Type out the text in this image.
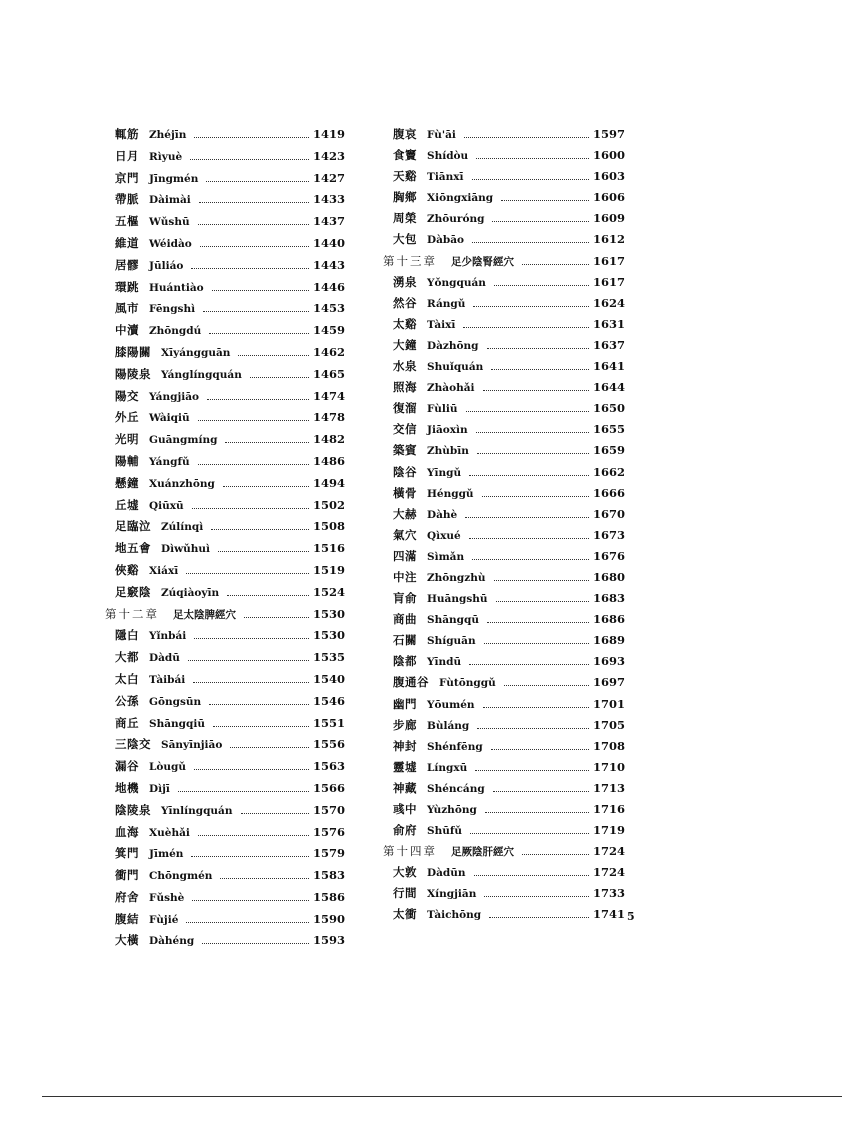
輒筋 Zhéjīn	1419
日月 Rìyuè	1423
京門 Jīngmén	1427
帶脈 Dàimài	1433
五樞 Wǔshū	1437
維道 Wéidào	1440
居髎 Jūliáo	1443
環跳 Huántiào	1446
風市 Fēngshì	1453
中瀆 Zhōngdú	1459
膝陽關 Xīyángguān	1462
陽陵泉 Yánglíngquán	1465
陽交 Yángjiāo	1474
外丘 Wàiqiū	1478
光明 Guāngmíng	1482
陽輔 Yángfǔ	1486
懸鐘 Xuánzhōng	1494
丘墟 Qiūxū	1502
足臨泣 Zúlínqì	1508
地五會 Dìwǔhuì	1516
俠谿 Xiáxī	1519
足竅陰 Zúqiàoyīn	1524
第十二章 足太陰脾經穴	1530
隱白 Yǐnbái	1530
大都 Dàdū	1535
太白 Tàibái	1540
公孫 Gōngsūn	1546
商丘 Shāngqiū	1551
三陰交 Sānyīnjiāo	1556
漏谷 Lòugǔ	1563
地機 Dìjī	1566
陰陵泉 Yīnlíngquán	1570
血海 Xuèhǎi	1576
箕門 Jīmén	1579
衝門 Chōngmén	1583
府舍 Fǔshè	1586
腹結 Fùjié	1590
大橫 Dàhéng	1593
腹哀 Fù'āi	1597
食竇 Shídòu	1600
天谿 Tiānxī	1603
胸鄉 Xiōngxiāng	1606
周榮 Zhōuróng	1609
大包 Dàbāo	1612
第十三章 足少陰腎經穴	1617
湧泉 Yǒngquán	1617
然谷 Rángǔ	1624
太谿 Tàixī	1631
大鐘 Dàzhōng	1637
水泉 Shuǐquán	1641
照海 Zhàohǎi	1644
復溜 Fùliū	1650
交信 Jiāoxìn	1655
築賓 Zhùbīn	1659
陰谷 Yīngǔ	1662
橫骨 Hénggǔ	1666
大赫 Dàhè	1670
氣穴 Qìxué	1673
四滿 Sìmǎn	1676
中注 Zhōngzhù	1680
肓俞 Huāngshū	1683
商曲 Shāngqū	1686
石關 Shíguān	1689
陰都 Yīndū	1693
腹通谷 Fùtōnggǔ	1697
幽門 Yōumén	1701
步廊 Bùláng	1705
神封 Shénfēng	1708
靈墟 Língxū	1710
神藏 Shéncáng	1713
彧中 Yùzhōng	1716
俞府 Shūfǔ	1719
第十四章 足厥陰肝經穴	1724
大敦 Dàdūn	1724
行間 Xíngjiān	1733
太衝 Tàichōng	1741 5
